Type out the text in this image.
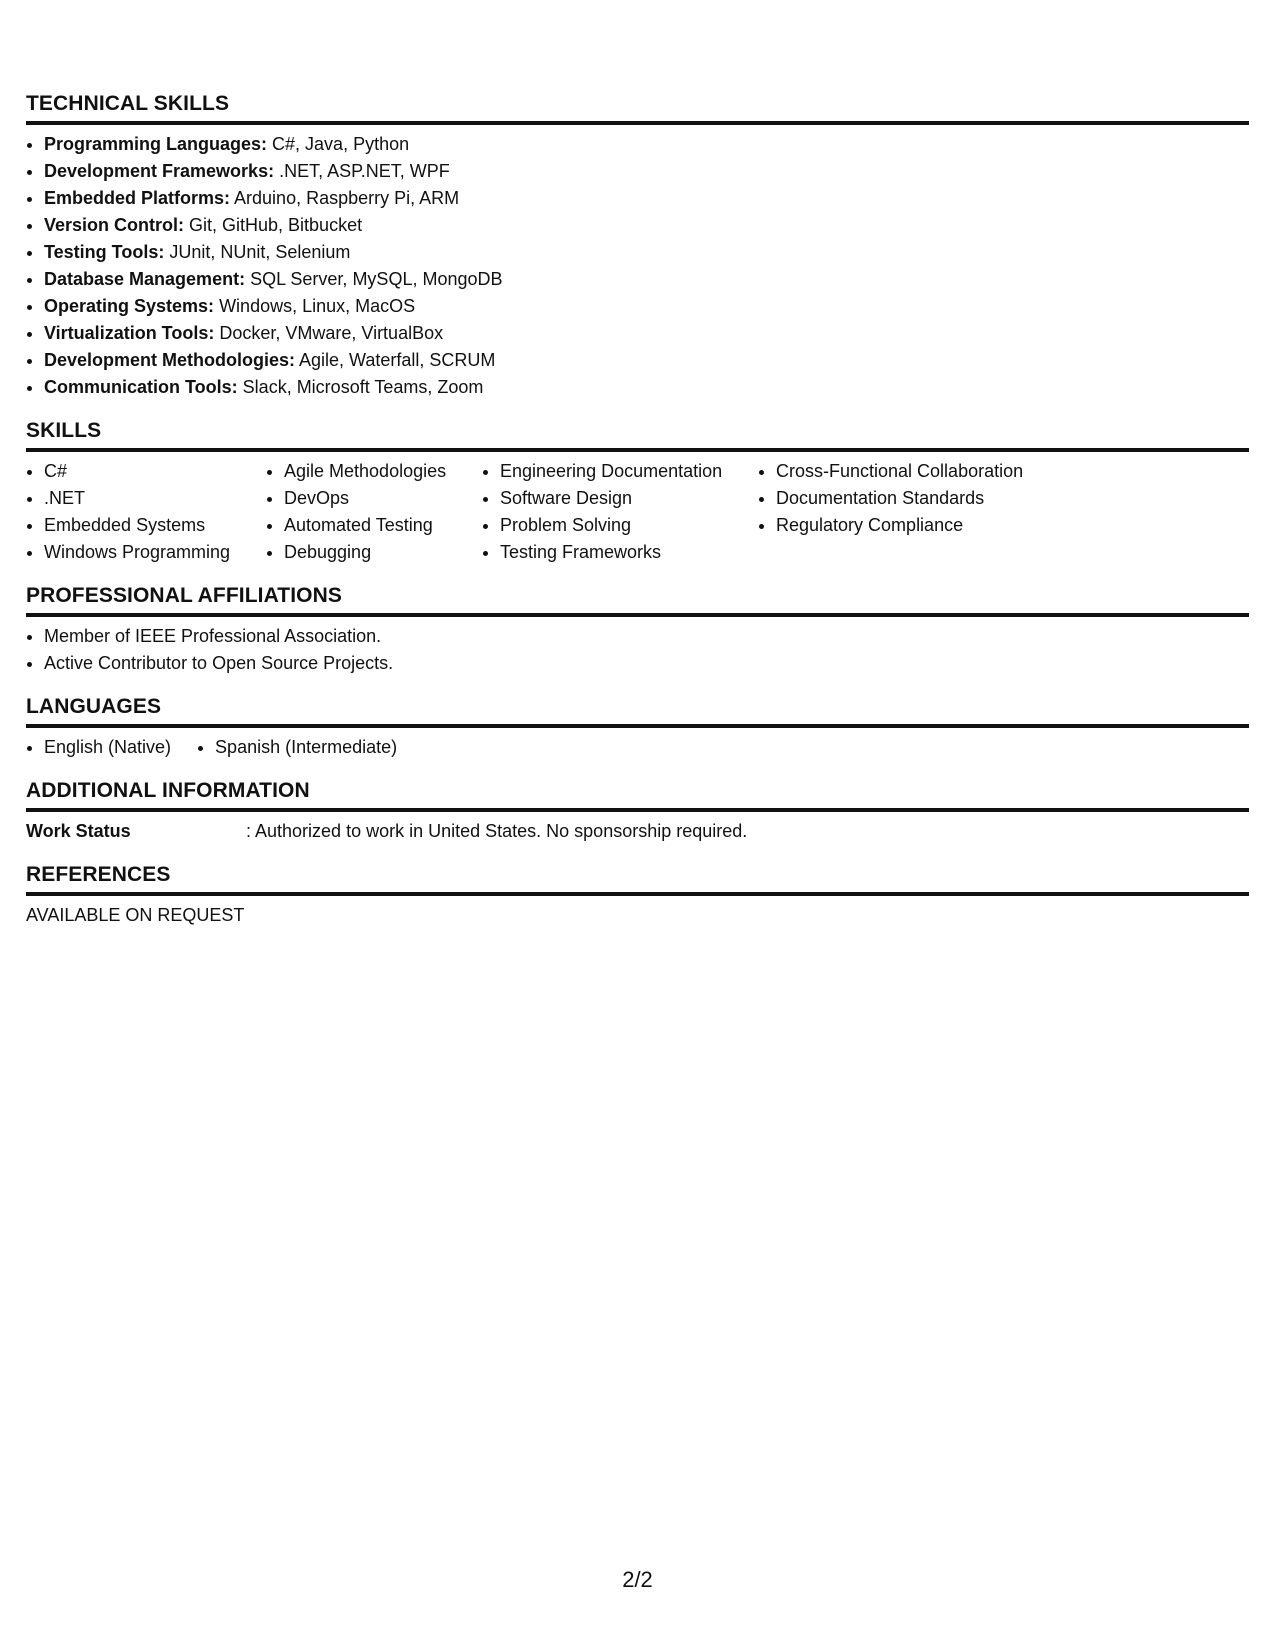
TECHNICAL SKILLS
• Programming Languages: C#, Java, Python
• Development Frameworks: .NET, ASP.NET, WPF
• Embedded Platforms: Arduino, Raspberry Pi, ARM
• Version Control: Git, GitHub, Bitbucket
• Testing Tools: JUnit, NUnit, Selenium
• Database Management: SQL Server, MySQL, MongoDB
• Operating Systems: Windows, Linux, MacOS
• Virtualization Tools: Docker, VMware, VirtualBox
• Development Methodologies: Agile, Waterfall, SCRUM
• Communication Tools: Slack, Microsoft Teams, Zoom
SKILLS
• C#
• .NET
• Embedded Systems
• Windows Programming
• Agile Methodologies
• DevOps
• Automated Testing
• Debugging
• Engineering Documentation
• Software Design
• Problem Solving
• Testing Frameworks
• Cross-Functional Collaboration
• Documentation Standards
• Regulatory Compliance
PROFESSIONAL AFFILIATIONS
• Member of IEEE Professional Association.
• Active Contributor to Open Source Projects.
LANGUAGES
• English (Native)
• Spanish (Intermediate)
ADDITIONAL INFORMATION
Work Status	: Authorized to work in United States. No sponsorship required.
REFERENCES
AVAILABLE ON REQUEST
2/2
